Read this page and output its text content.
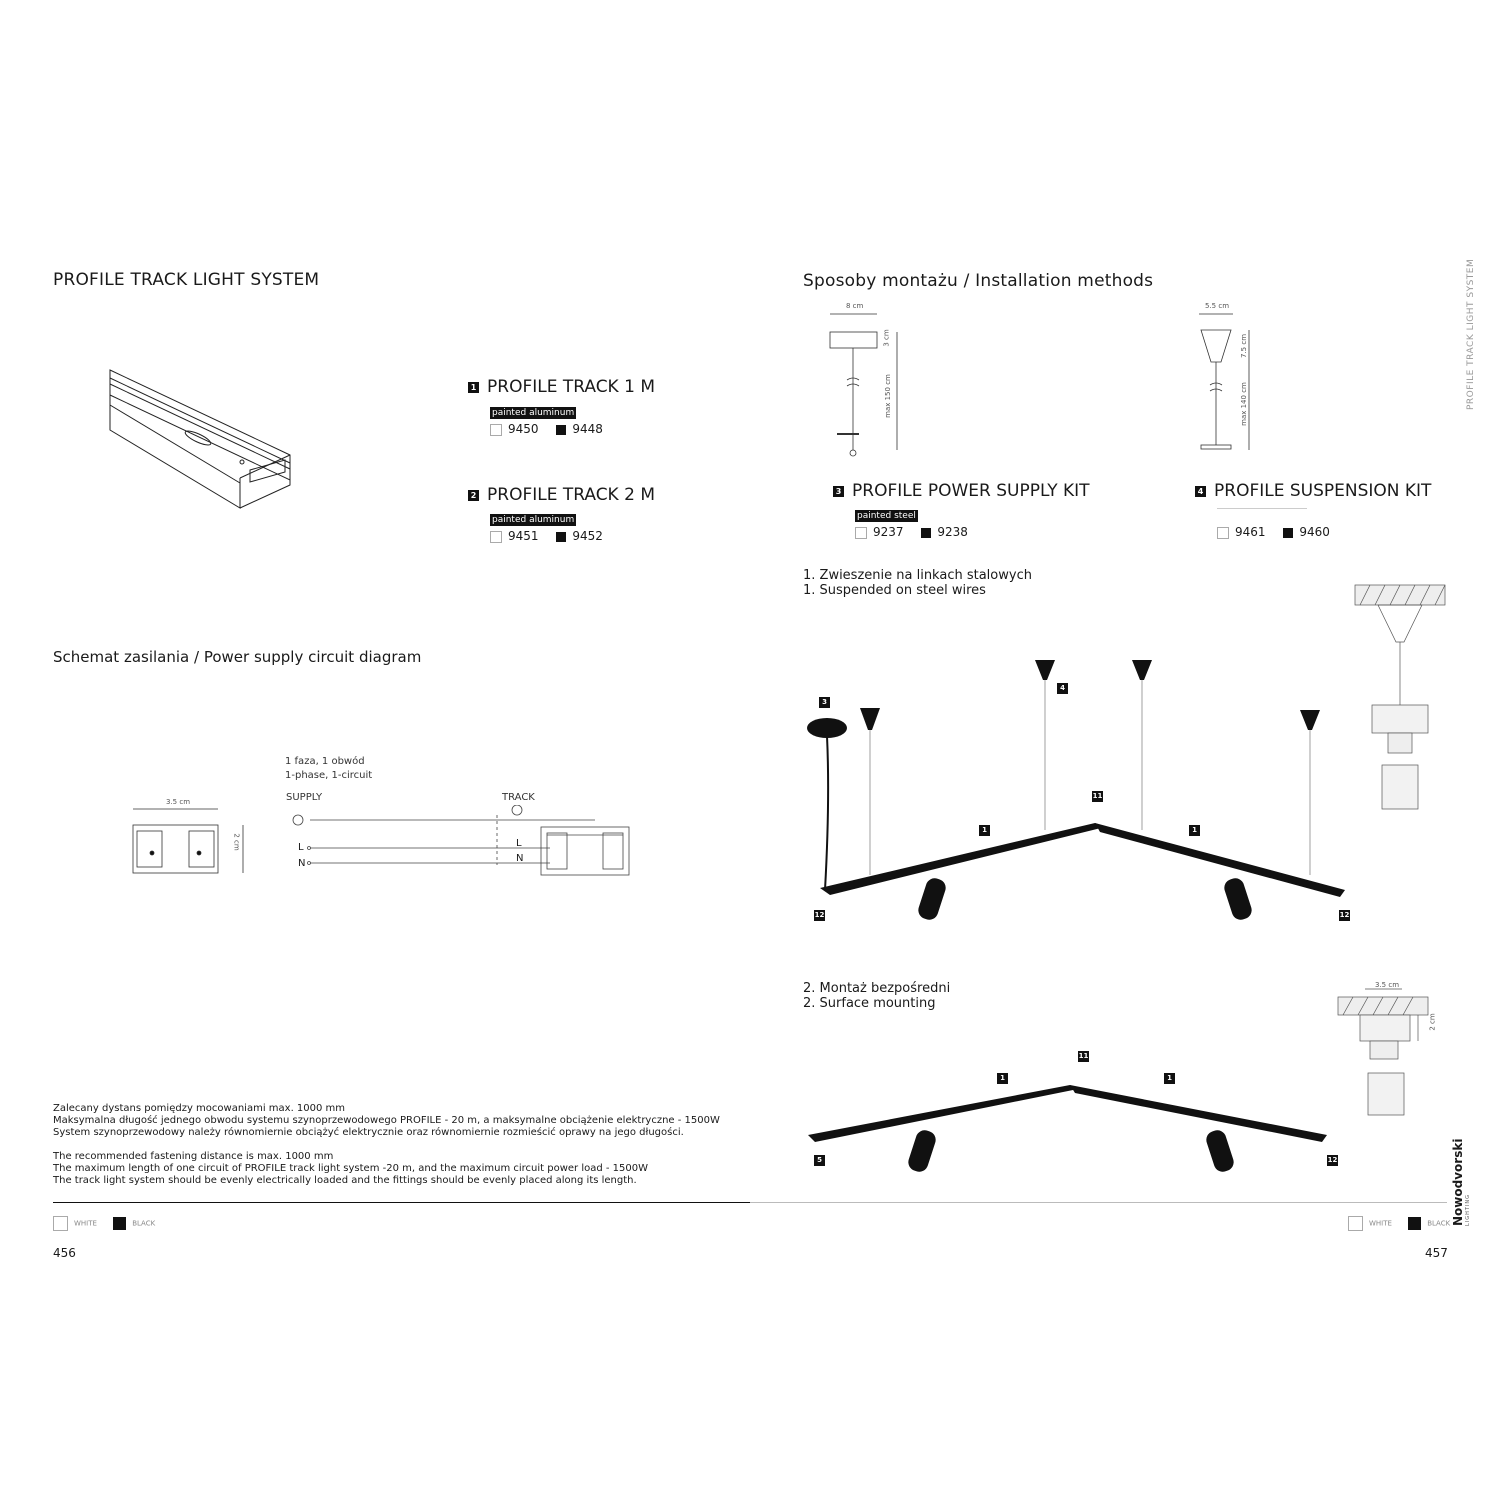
PROFILE TRACK LIGHT SYSTEM
1 PROFILE TRACK 1 M
painted aluminum
9450	9448
2 PROFILE TRACK 2 M
painted aluminum
9451	9452
Schemat zasilania / Power supply circuit diagram
1 faza, 1 obwód
1-phase, 1-circuit
SUPPLY	TRACK
L
N
L
N
3.5 cm
2 cm
Zalecany dystans pomiędzy mocowaniami max. 1000 mm
Maksymalna długość jednego obwodu systemu szynoprzewodowego PROFILE - 20 m, a maksymalne obciążenie elektryczne - 1500W
System szynoprzewodowy należy równomiernie obciążyć elektrycznie oraz równomiernie rozmieścić oprawy na jego długości.
The recommended fastening distance is max. 1000 mm
The maximum length of one circuit of PROFILE track light system -20 m, and the maximum circuit power load - 1500W
The track light system should be evenly electrically loaded and the fittings should be evenly placed along its length.
WHITE	BLACK
456
Sposoby montażu / Installation methods	PROFILE TRACK LIGHT SYSTEM
8 cm
3 cm
max 150 cm
5.5 cm
7.5 cm
max 140 cm
3 PROFILE POWER SUPPLY KIT
painted steel
9237	9238
4 PROFILE SUSPENSION KIT
9461	9460
1. Zwieszenie na linkach stalowych
1. Suspended on steel wires
3
4
11
1	1
12	12
2. Montaż bezpośredni
2. Surface mounting
3.5 cm
2 cm
11
1	1
5	12
WHITE	BLACK
457
Nowodvorski LIGHTING
